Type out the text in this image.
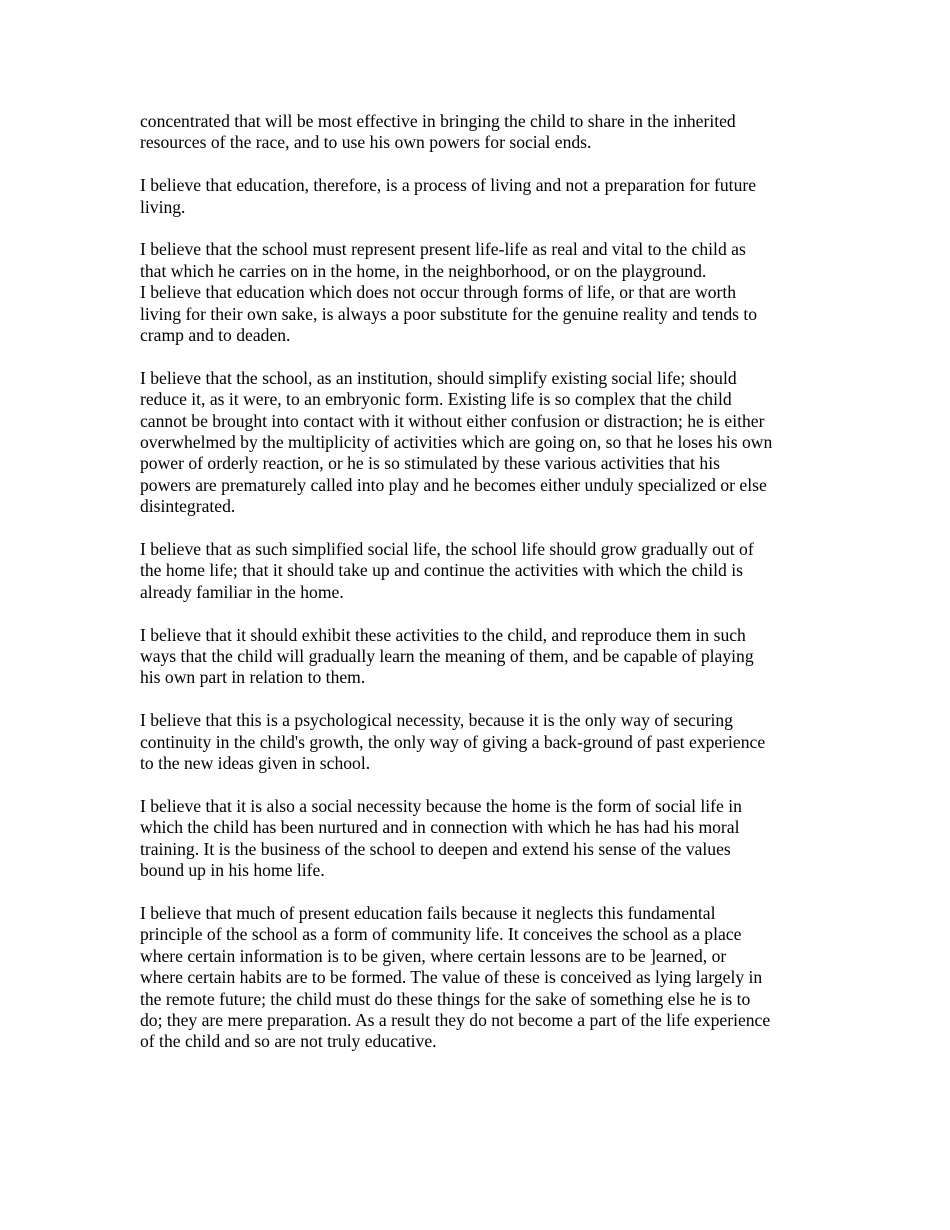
concentrated that will be most effective in bringing the child to share in the inherited
resources of the race, and to use his own powers for social ends.

I believe that education, therefore, is a process of living and not a preparation for future
living.

I believe that the school must represent present life-life as real and vital to the child as
that which he carries on in the home, in the neighborhood, or on the playground.

I believe that education which does not occur through forms of life, or that are worth
living for their own sake, is always a poor substitute for the genuine reality and tends to
cramp and to deaden.

I believe that the school, as an institution, should simplify existing social life; should
reduce it, as it were, to an embryonic form. Existing life is so complex that the child
cannot be brought into contact with it without either confusion or distraction; he is either
overwhelmed by the multiplicity of activities which are going on, so that he loses his own
power of orderly reaction, or he is so stimulated by these various activities that his
powers are prematurely called into play and he becomes either unduly specialized or else
disintegrated.

I believe that as such simplified social life, the school life should grow gradually out of
the home life; that it should take up and continue the activities with which the child is
already familiar in the home.

I believe that it should exhibit these activities to the child, and reproduce them in such
ways that the child will gradually learn the meaning of them, and be capable of playing
his own part in relation to them.

I believe that this is a psychological necessity, because it is the only way of securing
continuity in the child's growth, the only way of giving a back-ground of past experience
to the new ideas given in school.

I believe that it is also a social necessity because the home is the form of social life in
which the child has been nurtured and in connection with which he has had his moral
training. It is the business of the school to deepen and extend his sense of the values
bound up in his home life.

I believe that much of present education fails because it neglects this fundamental
principle of the school as a form of community life. It conceives the school as a place
where certain information is to be given, where certain lessons are to be ]earned, or
where certain habits are to be formed. The value of these is conceived as lying largely in
the remote future; the child must do these things for the sake of something else he is to
do; they are mere preparation. As a result they do not become a part of the life experience
of the child and so are not truly educative.
